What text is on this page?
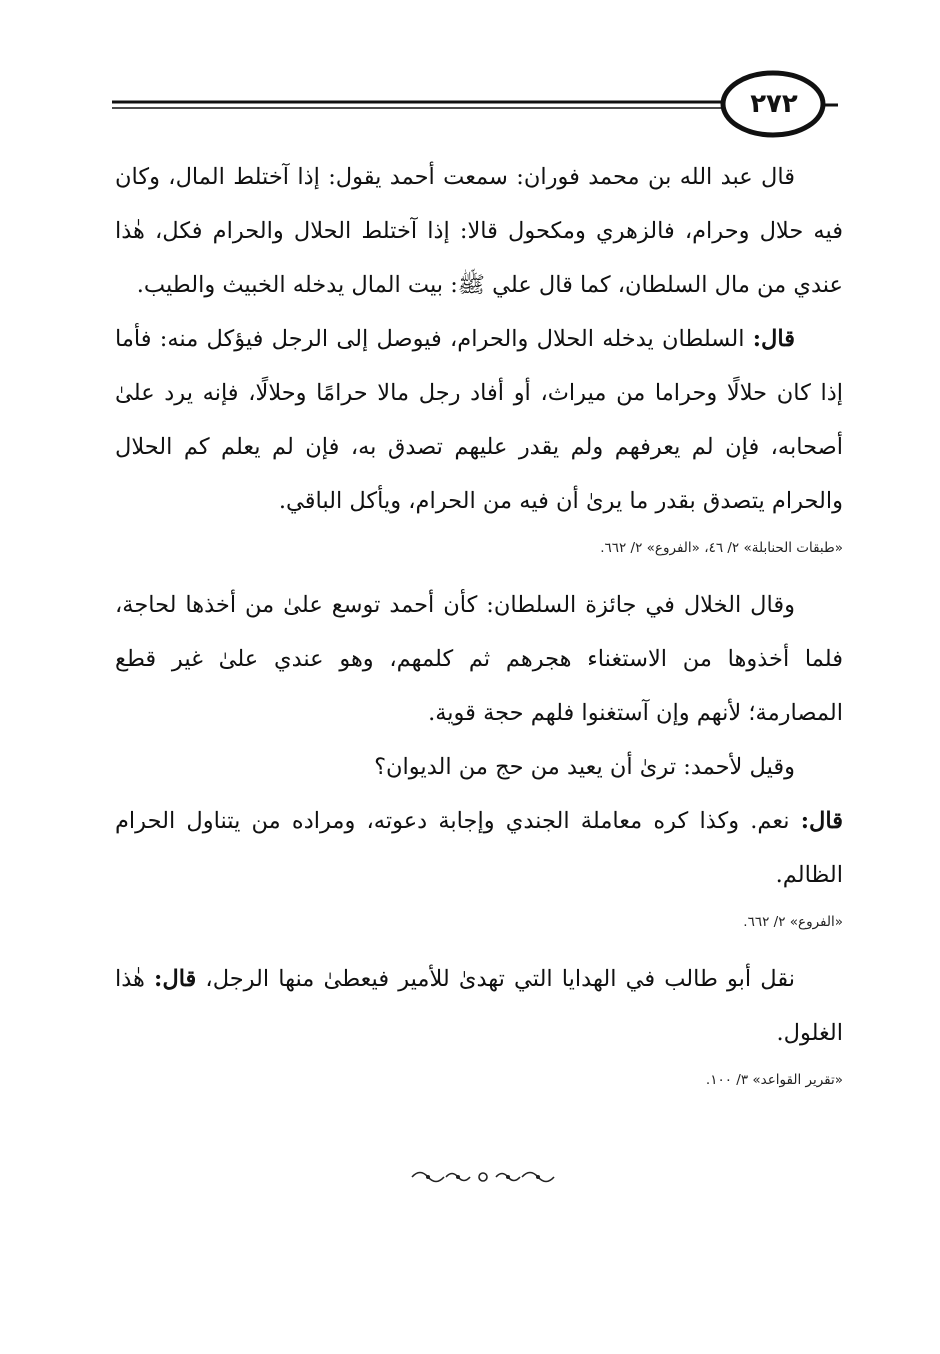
٢٧٢

قال عبد الله بن محمد فوران: سمعت أحمد يقول: إذا آختلط المال، وكان فيه حلال وحرام، فالزهري ومكحول قالا: إذا آختلط الحلال والحرام فكل، هٰذا عندي من مال السلطان، كما قال علي ﷺ: بيت المال يدخله الخبيث والطيب.

قال: السلطان يدخله الحلال والحرام، فيوصل إلى الرجل فيؤكل منه: فأما إذا كان حلالًا وحراما من ميراث، أو أفاد رجل مالا حرامًا وحلالًا، فإنه يرد علىٰ أصحابه، فإن لم يعرفهم ولم يقدر عليهم تصدق به، فإن لم يعلم كم الحلال والحرام يتصدق بقدر ما يرىٰ أن فيه من الحرام، ويأكل الباقي.

«طبقات الحنابلة» ٢/ ٤٦، «الفروع» ٢/ ٦٦٢.

وقال الخلال في جائزة السلطان: كأن أحمد توسع علىٰ من أخذها لحاجة، فلما أخذوها من الاستغناء هجرهم ثم كلمهم، وهو عندي علىٰ غير قطع المصارمة؛ لأنهم وإن آستغنوا فلهم حجة قوية.

وقيل لأحمد: ترىٰ أن يعيد من حج من الديوان؟

قال: نعم. وكذا كره معاملة الجندي وإجابة دعوته، ومراده من يتناول الحرام الظالم.

«الفروع» ٢/ ٦٦٢.

نقل أبو طالب في الهدايا التي تهدىٰ للأمير فيعطىٰ منها الرجل، قال: هٰذا الغلول.

«تقرير القواعد» ٣/ ١٠٠.
